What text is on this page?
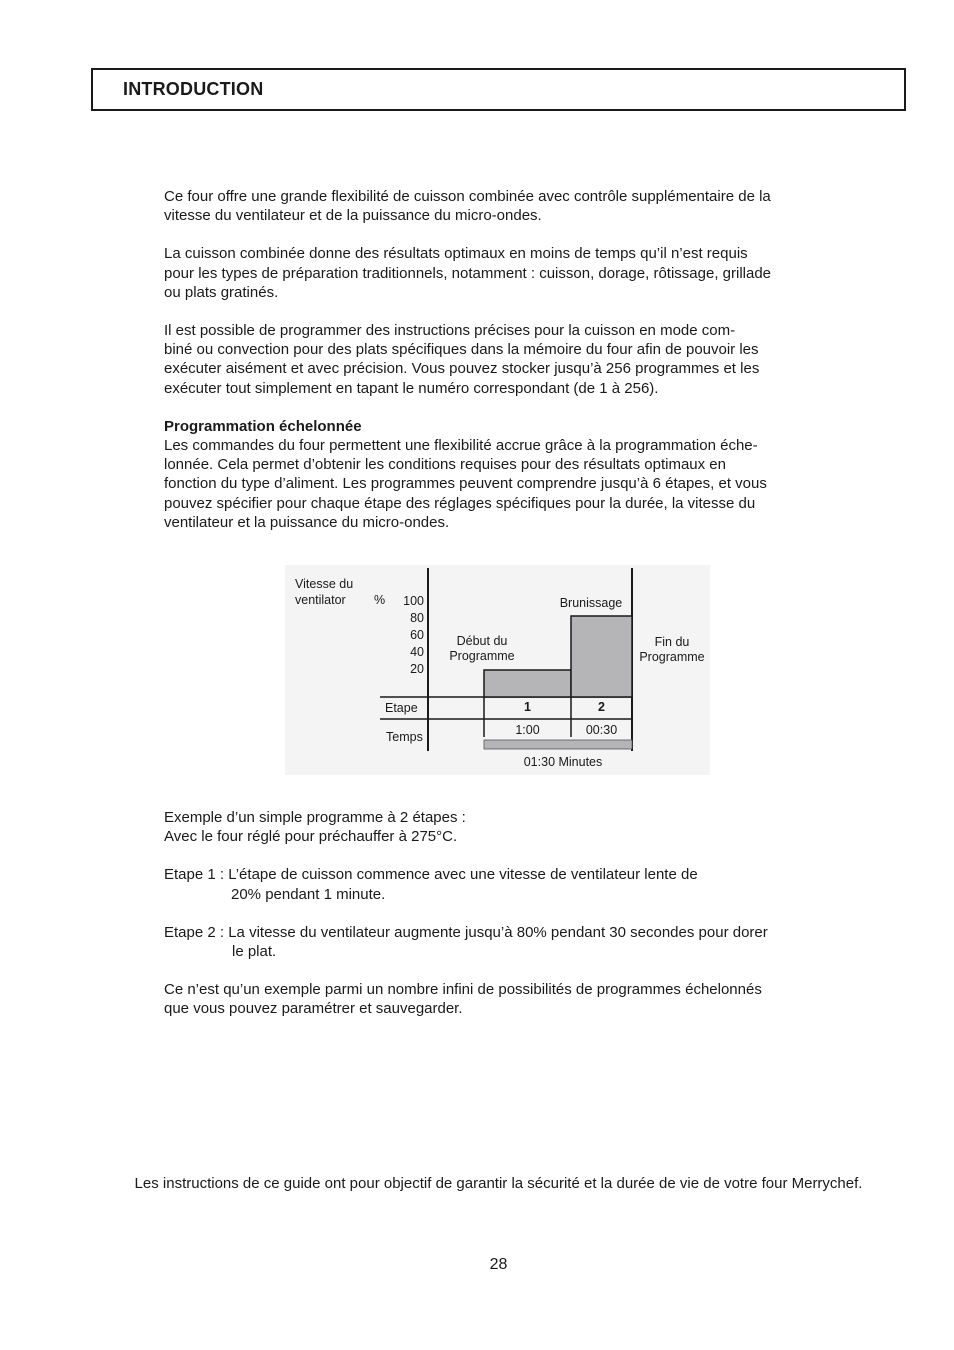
INTRODUCTION

Ce four offre une grande flexibilité de cuisson combinée avec contrôle supplémentaire de la
vitesse du ventilateur et de la puissance du micro-ondes.

La cuisson combinée donne des résultats optimaux en moins de temps qu’il n’est requis
pour les types de préparation traditionnels, notamment : cuisson, dorage, rôtissage, grillade
ou plats gratinés.

Il est possible de programmer des instructions précises pour la cuisson en mode com-
biné ou convection pour des plats spécifiques dans la mémoire du four afin de pouvoir les
exécuter aisément et avec précision. Vous pouvez stocker jusqu’à 256 programmes et les
exécuter tout simplement en tapant le numéro correspondant (de 1 à 256).

Programmation échelonnée

Les commandes du four permettent une flexibilité accrue grâce à la programmation éche-
lonnée. Cela permet d’obtenir les conditions requises pour des résultats optimaux en
fonction du type d’aliment. Les programmes peuvent comprendre jusqu’à 6 étapes, et vous
pouvez spécifier pour chaque étape des réglages spécifiques pour la durée, la vitesse du
ventilateur et la puissance du micro-ondes.

Vitesse du
ventilator % 100
80
60
40
20
1
1:00
2
00:30
Etape
Temps
Début du
Programme
Fin du
Programme
Brunissage
01:30 Minutes

Exemple d’un simple programme à 2 étapes :
Avec le four réglé pour préchauffer à 275°C.

Etape 1 : L’étape de cuisson commence avec une vitesse de ventilateur lente de
20% pendant 1 minute.

Etape 2 : La vitesse du ventilateur augmente jusqu’à 80% pendant 30 secondes pour dorer
le plat.

Ce n’est qu’un exemple parmi un nombre infini de possibilités de programmes échelonnés
que vous pouvez paramétrer et sauvegarder.

Les instructions de ce guide ont pour objectif de garantir la sécurité et la durée de vie de votre four Merrychef.
28
